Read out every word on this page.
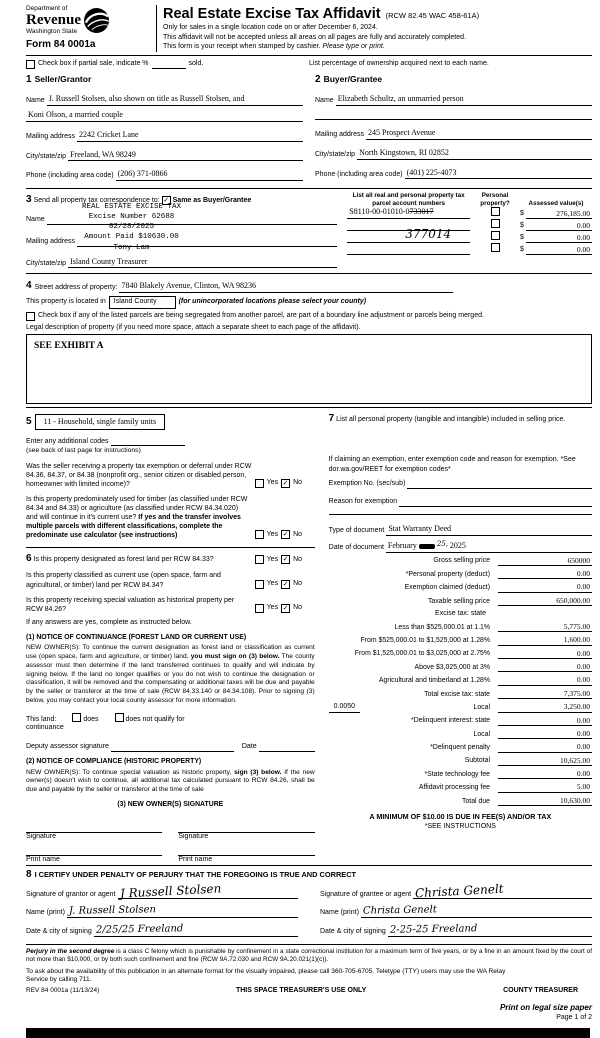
Department of
Revenue
Washington State
Form 84 0001a
Real Estate Excise Tax Affidavit (RCW 82.45 WAC 458-61A)
Only for sales in a single location code on or after December 6, 2024.
This affidavit will not be accepted unless all areas on all pages are fully and accurately completed.
This form is your receipt when stamped by cashier. Please type or print.
Check box if partial sale, indicate %	sold.	List percentage of ownership acquired next to each name.
1 Seller/Grantor
Name J. Russell Stolsen, also shown on title as Russell Stolsen, and
Koni Olson, a married couple
Mailing address 2242 Cricket Lane
City/state/zip Freeland, WA 98249
Phone (including area code) (206) 371-0866
2 Buyer/Grantee
Name Elizabeth Schultz, an unmarried person
Mailing address 245 Prospect Avenue
City/state/zip North Kingstown, RI 02852
Phone (including area code) (401) 225-4073
3 Send all property tax correspondence to: ✓ Same as Buyer/Grantee
REAL ESTATE EXCISE TAX
Excise Number 62688
02/28/2025
Amount Paid $10630.00
Tony Lam
Name
Mailing address
City/state/zip Island County Treasurer
List all real and personal property tax parcel account numbers
Personal property?	Assessed value(s)
S8110-00-01010-0733017	$	276,185.00
377014
$	0.00
$	0.00
$	0.00
4 Street address of property: 7840 Blakely Avenue, Clinton, WA 98236
This property is located in	Island County	(for unincorporated locations please select your county)
Check box if any of the listed parcels are being segregated from another parcel, are part of a boundary line adjustment or parcels being merged.
Legal description of property (if you need more space, attach a separate sheet to each page of the affidavit).
SEE EXHIBIT A
5	11 - Household, single family units
Enter any additional codes
(see back of last page for instructions)
Was the seller receiving a property tax exemption or deferral under RCW 84.36, 84.37, or 84.38 (nonprofit org., senior citizen or disabled person, homeowner with limited income)?	Yes ✓ No
Is this property predominately used for timber (as classified under RCW 84.34 and 84.33) or agriculture (as classified under RCW 84.34.020) and will continue in it's current use? If yes and the transfer involves multiple parcels with different classifications, complete the predominate use calculator (see instructions)	Yes ✓ No
6 Is this property designated as forest land per RCW 84.33?	Yes ✓ No
Is this property classified as current use (open space, farm and agricultural, or timber) land per RCW 84.34?	Yes ✓ No
Is this property receiving special valuation as historical property per RCW 84.26?	Yes ✓ No
If any answers are yes, complete as instructed below.
(1) NOTICE OF CONTINUANCE (FOREST LAND OR CURRENT USE)
NEW OWNER(S): To continue the current designation as forest land or classification as current use (open space, farm and agriculture, or timber) land, you must sign on (3) below. The county assessor must then determine if the land transferred continues to qualify and will indicate by signing below. If the land no longer qualifies or you do not wish to continue the designation or classification, it will be removed and the compensating or additional taxes will be due and payable by the seller or transferor at the time of sale (RCW 84.33.140 or 84.34.108). Prior to signing (3) below, you may contact your local county assessor for more information.
This land:	does	does not qualify for
continuance
Deputy assessor signature	Date
(2) NOTICE OF COMPLIANCE (HISTORIC PROPERTY)
NEW OWNER(S): To continue special valuation as historic property, sign (3) below. If the new owner(s) doesn't wish to continue, all additional tax calculated pursuant to RCW 84.26, shall be due and payable by the seller or transferor at the time of sale
(3) NEW OWNER(S) SIGNATURE
Signature	Signature
Print name	Print name
7 List all personal property (tangible and intangible) included in selling price.
If claiming an exemption, enter exemption code and reason for exemption. *See dor.wa.gov/REET for exemption codes*
Exemption No. (sec/sub)
Reason for exemption
Type of document Stat Warranty Deed
Date of document February	25, 2025
Gross selling price	650000
*Personal property (deduct)	0.00
Exemption claimed (deduct)	0.00
Taxable selling price	650,000.00
Excise tax: state
Less than $525,000.01 at 1.1%	5,775.00
From $525,000.01 to $1,525,000 at 1.28%	1,600.00
From $1,525,000.01 to $3,025,000 at 2.75%	0.00
Above $3,025,000 at 3%	0.00
Agricultural and timberland at 1.28%	0.00
Total excise tax: state	7,375.00
0.0050	Local	3,250.00
*Delinquent interest: state	0.00
Local	0.00
*Delinquent penalty	0.00
Subtotal	10,625.00
*State technology fee	0.00
Affidavit processing fee	5.00
Total due	10,630.00
A MINIMUM OF $10.00 IS DUE IN FEE(S) AND/OR TAX
*SEE INSTRUCTIONS
8 I CERTIFY UNDER PENALTY OF PERJURY THAT THE FOREGOING IS TRUE AND CORRECT
Signature of grantor or agent J Russell Stolsen
Name (print) J. Russell Stolsen
Date & city of signing 2/25/25 Freeland
Signature of grantee or agent Christa Genelt
Name (print) Christa Genelt
Date & city of signing 2-25-25 Freeland
Perjury in the second degree is a class C felony which is punishable by confinement in a state correctional institution for a maximum term of five years, or by a fine in an amount fixed by the court of not more than $10,000, or by both such confinement and fine (RCW 9A.72.030 and RCW 9A.20.021(1)(c)).
To ask about the availability of this publication in an alternate format for the visually impaired, please call 360-705-6705. Teletype (TTY) users may use the WA Relay Service by calling 711.
REV 84 0001a (11/13/24)	THIS SPACE TREASURER'S USE ONLY	COUNTY TREASURER
Print on legal size paper
Page 1 of 2
